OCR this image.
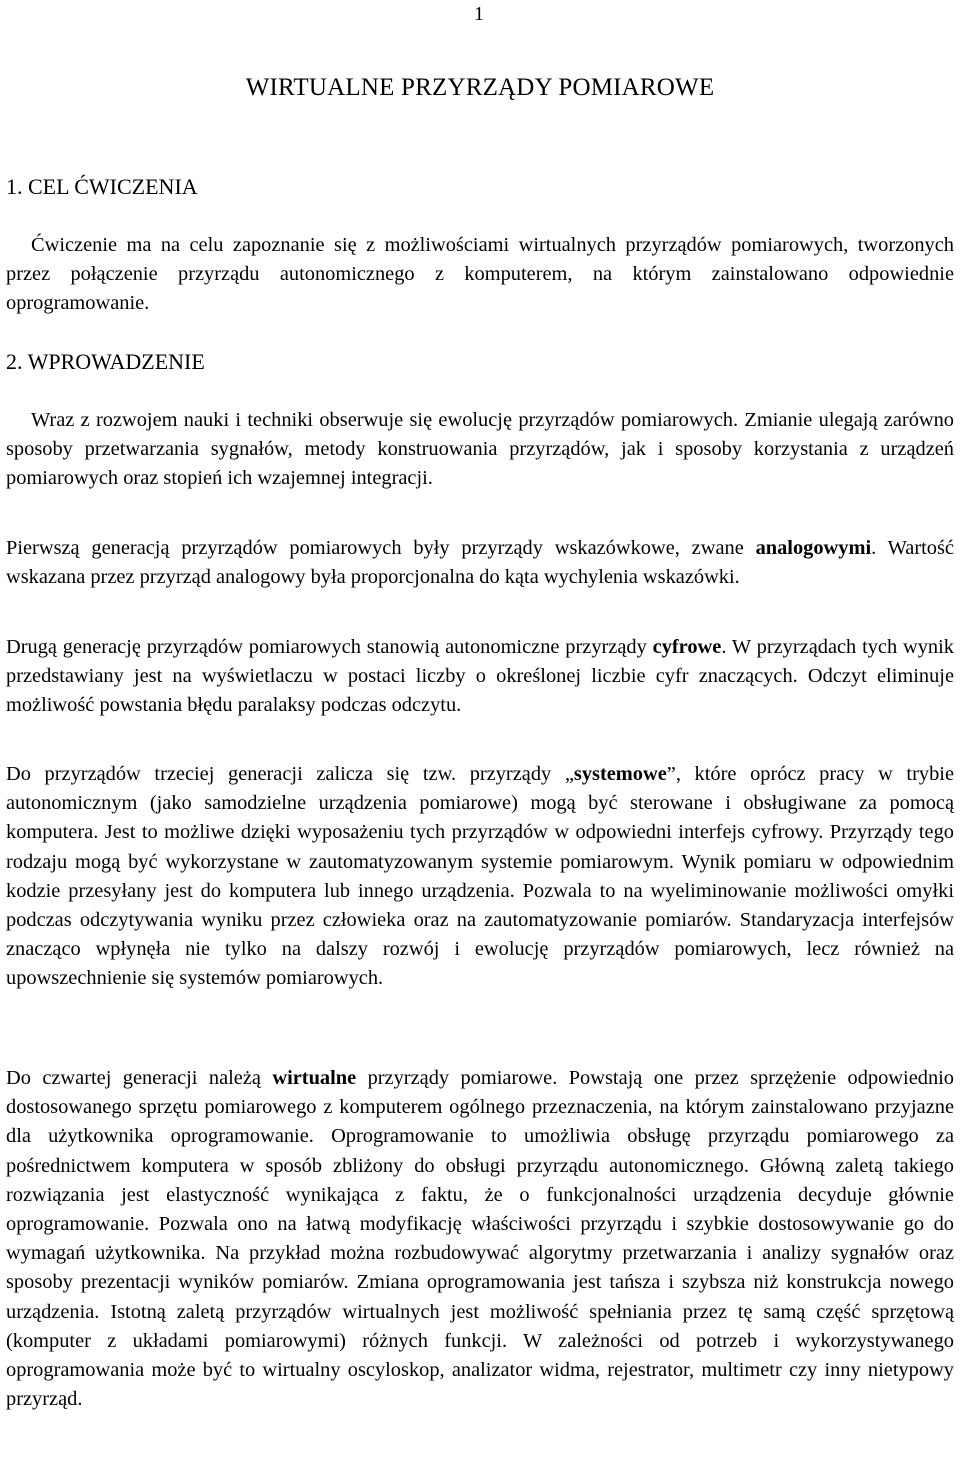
1
WIRTUALNE PRZYRZĄDY POMIAROWE
1. CEL ĆWICZENIA

Ćwiczenie ma na celu zapoznanie się z możliwościami wirtualnych przyrządów pomiarowych, tworzonych przez połączenie przyrządu autonomicznego z komputerem, na którym zainstalowano odpowiednie oprogramowanie.

2. WPROWADZENIE

Wraz z rozwojem nauki i techniki obserwuje się ewolucję przyrządów pomiarowych. Zmianie ulegają zarówno sposoby przetwarzania sygnałów, metody konstruowania przyrządów, jak i sposoby korzystania z urządzeń pomiarowych oraz stopień ich wzajemnej integracji.

Pierwszą generacją przyrządów pomiarowych były przyrządy wskazówkowe, zwane analogowymi. Wartość wskazana przez przyrząd analogowy była proporcjonalna do kąta wychylenia wskazówki.

Drugą generację przyrządów pomiarowych stanowią autonomiczne przyrządy cyfrowe. W przyrządach tych wynik przedstawiany jest na wyświetlaczu w postaci liczby o określonej liczbie cyfr znaczących. Odczyt eliminuje możliwość powstania błędu paralaksy podczas odczytu.

Do przyrządów trzeciej generacji zalicza się tzw. przyrządy „systemowe”, które oprócz pracy w trybie autonomicznym (jako samodzielne urządzenia pomiarowe) mogą być sterowane i obsługiwane za pomocą komputera. Jest to możliwe dzięki wyposażeniu tych przyrządów w odpowiedni interfejs cyfrowy. Przyrządy tego rodzaju mogą być wykorzystane w zautomatyzowanym systemie pomiarowym. Wynik pomiaru w odpowiednim kodzie przesyłany jest do komputera lub innego urządzenia. Pozwala to na wyeliminowanie możliwości omyłki podczas odczytywania wyniku przez człowieka oraz na zautomatyzowanie pomiarów. Standaryzacja interfejsów znacząco wpłynęła nie tylko na dalszy rozwój i ewolucję przyrządów pomiarowych, lecz również na upowszechnienie się systemów pomiarowych.

Do czwartej generacji należą wirtualne przyrządy pomiarowe. Powstają one przez sprzężenie odpowiednio dostosowanego sprzętu pomiarowego z komputerem ogólnego przeznaczenia, na którym zainstalowano przyjazne dla użytkownika oprogramowanie. Oprogramowanie to umożliwia obsługę przyrządu pomiarowego za pośrednictwem komputera w sposób zbliżony do obsługi przyrządu autonomicznego. Główną zaletą takiego rozwiązania jest elastyczność wynikająca z faktu, że o funkcjonalności urządzenia decyduje głównie oprogramowanie. Pozwala ono na łatwą modyfikację właściwości przyrządu i szybkie dostosowywanie go do wymagań użytkownika. Na przykład można rozbudowywać algorytmy przetwarzania i analizy sygnałów oraz sposoby prezentacji wyników pomiarów. Zmiana oprogramowania jest tańsza i szybsza niż konstrukcja nowego urządzenia. Istotną zaletą przyrządów wirtualnych jest możliwość spełniania przez tę samą część sprzętową (komputer z układami pomiarowymi) różnych funkcji. W zależności od potrzeb i wykorzystywanego oprogramowania może być to wirtualny oscyloskop, analizator widma, rejestrator, multimetr czy inny nietypowy przyrząd.
